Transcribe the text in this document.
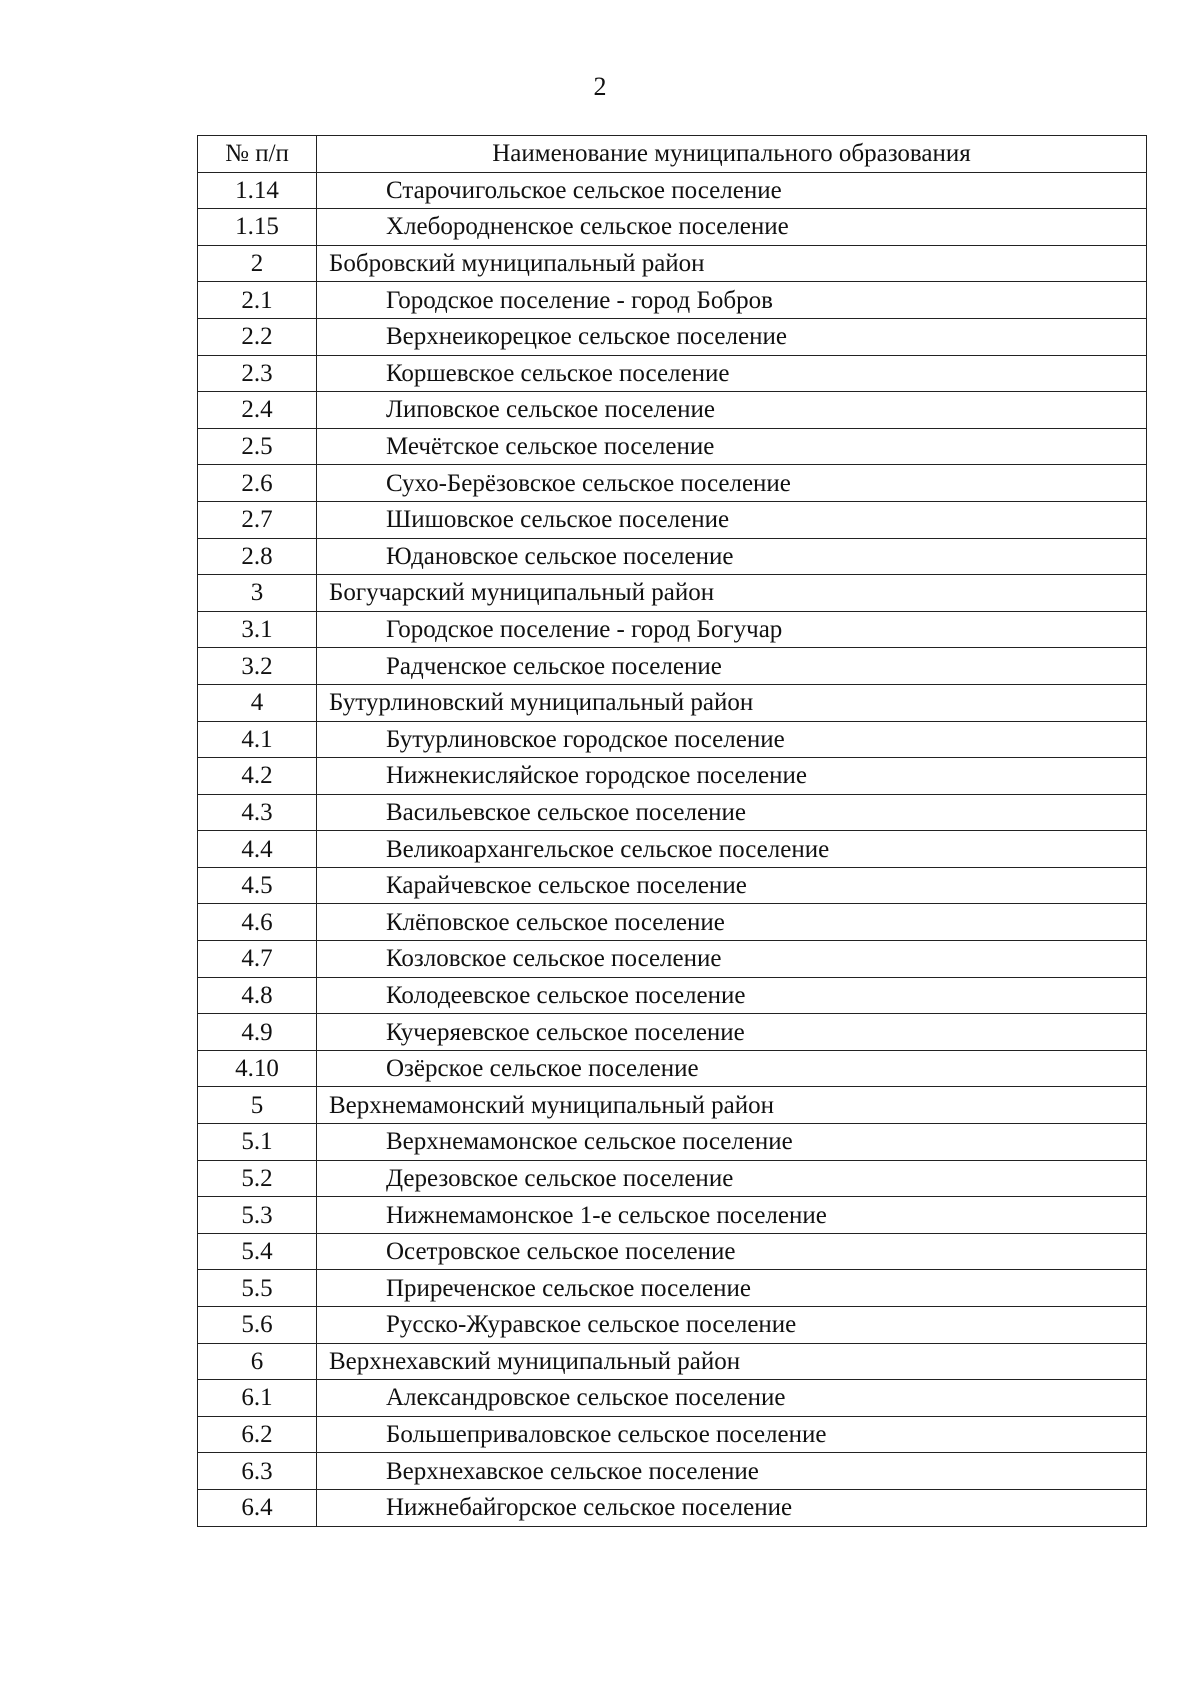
2
№ п/п	Наименование муниципального образования
1.14	Старочигольское сельское поселение
1.15	Хлебородненское сельское поселение
2	Бобровский муниципальный район
2.1	Городское поселение - город Бобров
2.2	Верхнеикорецкое сельское поселение
2.3	Коршевское сельское поселение
2.4	Липовское сельское поселение
2.5	Мечётское сельское поселение
2.6	Сухо-Берёзовское сельское поселение
2.7	Шишовское сельское поселение
2.8	Юдановское сельское поселение
3	Богучарский муниципальный район
3.1	Городское поселение - город Богучар
3.2	Радченское сельское поселение
4	Бутурлиновский муниципальный район
4.1	Бутурлиновское городское поселение
4.2	Нижнекисляйское городское поселение
4.3	Васильевское сельское поселение
4.4	Великоархангельское сельское поселение
4.5	Карайчевское сельское поселение
4.6	Клёповское сельское поселение
4.7	Козловское сельское поселение
4.8	Колодеевское сельское поселение
4.9	Кучеряевское сельское поселение
4.10	Озёрское сельское поселение
5	Верхнемамонский муниципальный район
5.1	Верхнемамонское сельское поселение
5.2	Дерезовское сельское поселение
5.3	Нижнемамонское 1-е сельское поселение
5.4	Осетровское сельское поселение
5.5	Приреченское сельское поселение
5.6	Русско-Журавское сельское поселение
6	Верхнехавский муниципальный район
6.1	Александровское сельское поселение
6.2	Большеприваловское сельское поселение
6.3	Верхнехавское сельское поселение
6.4	Нижнебайгорское сельское поселение
